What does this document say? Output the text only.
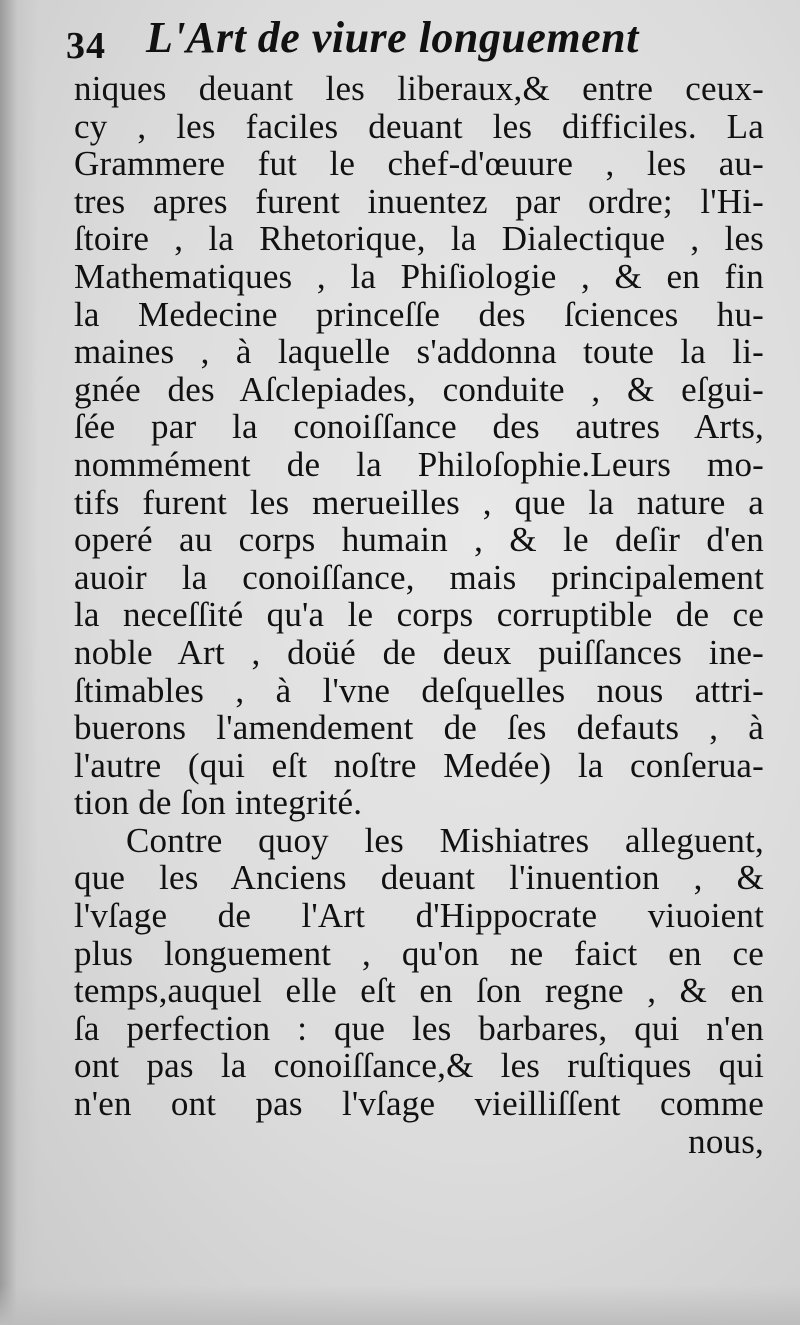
34 L'Art de viure longuement
niques deuant les liberaux,& entre ceux-
cy , les faciles deuant les difficiles. La
Grammere fut le chef-d'œuure , les au-
tres apres furent inuentez par ordre; l'Hi-
ſtoire , la Rhetorique, la Dialectique , les
Mathematiques , la Phiſiologie , & en fin
la Medecine princeſſe des ſciences hu-
maines , à laquelle s'addonna toute la li-
gnée des Aſclepiades, conduite , & eſgui-
ſée par la conoiſſance des autres Arts,
nommément de la Philoſophie.Leurs mo-
tifs furent les merueilles , que la nature a
operé au corps humain , & le deſir d'en
auoir la conoiſſance, mais principalement
la neceſſité qu'a le corps corruptible de ce
noble Art , doüé de deux puiſſances ine-
ſtimables , à l'vne deſquelles nous attri-
buerons l'amendement de ſes defauts , à
l'autre (qui eſt noſtre Medée) la conſerua-
tion de ſon integrité.
Contre quoy les Mishiatres alleguent,
que les Anciens deuant l'inuention , &
l'vſage de l'Art d'Hippocrate viuoient
plus longuement , qu'on ne faict en ce
temps,auquel elle eſt en ſon regne , & en
ſa perfection : que les barbares, qui n'en
ont pas la conoiſſance,& les ruſtiques qui
n'en ont pas l'vſage vieilliſſent comme
nous,
